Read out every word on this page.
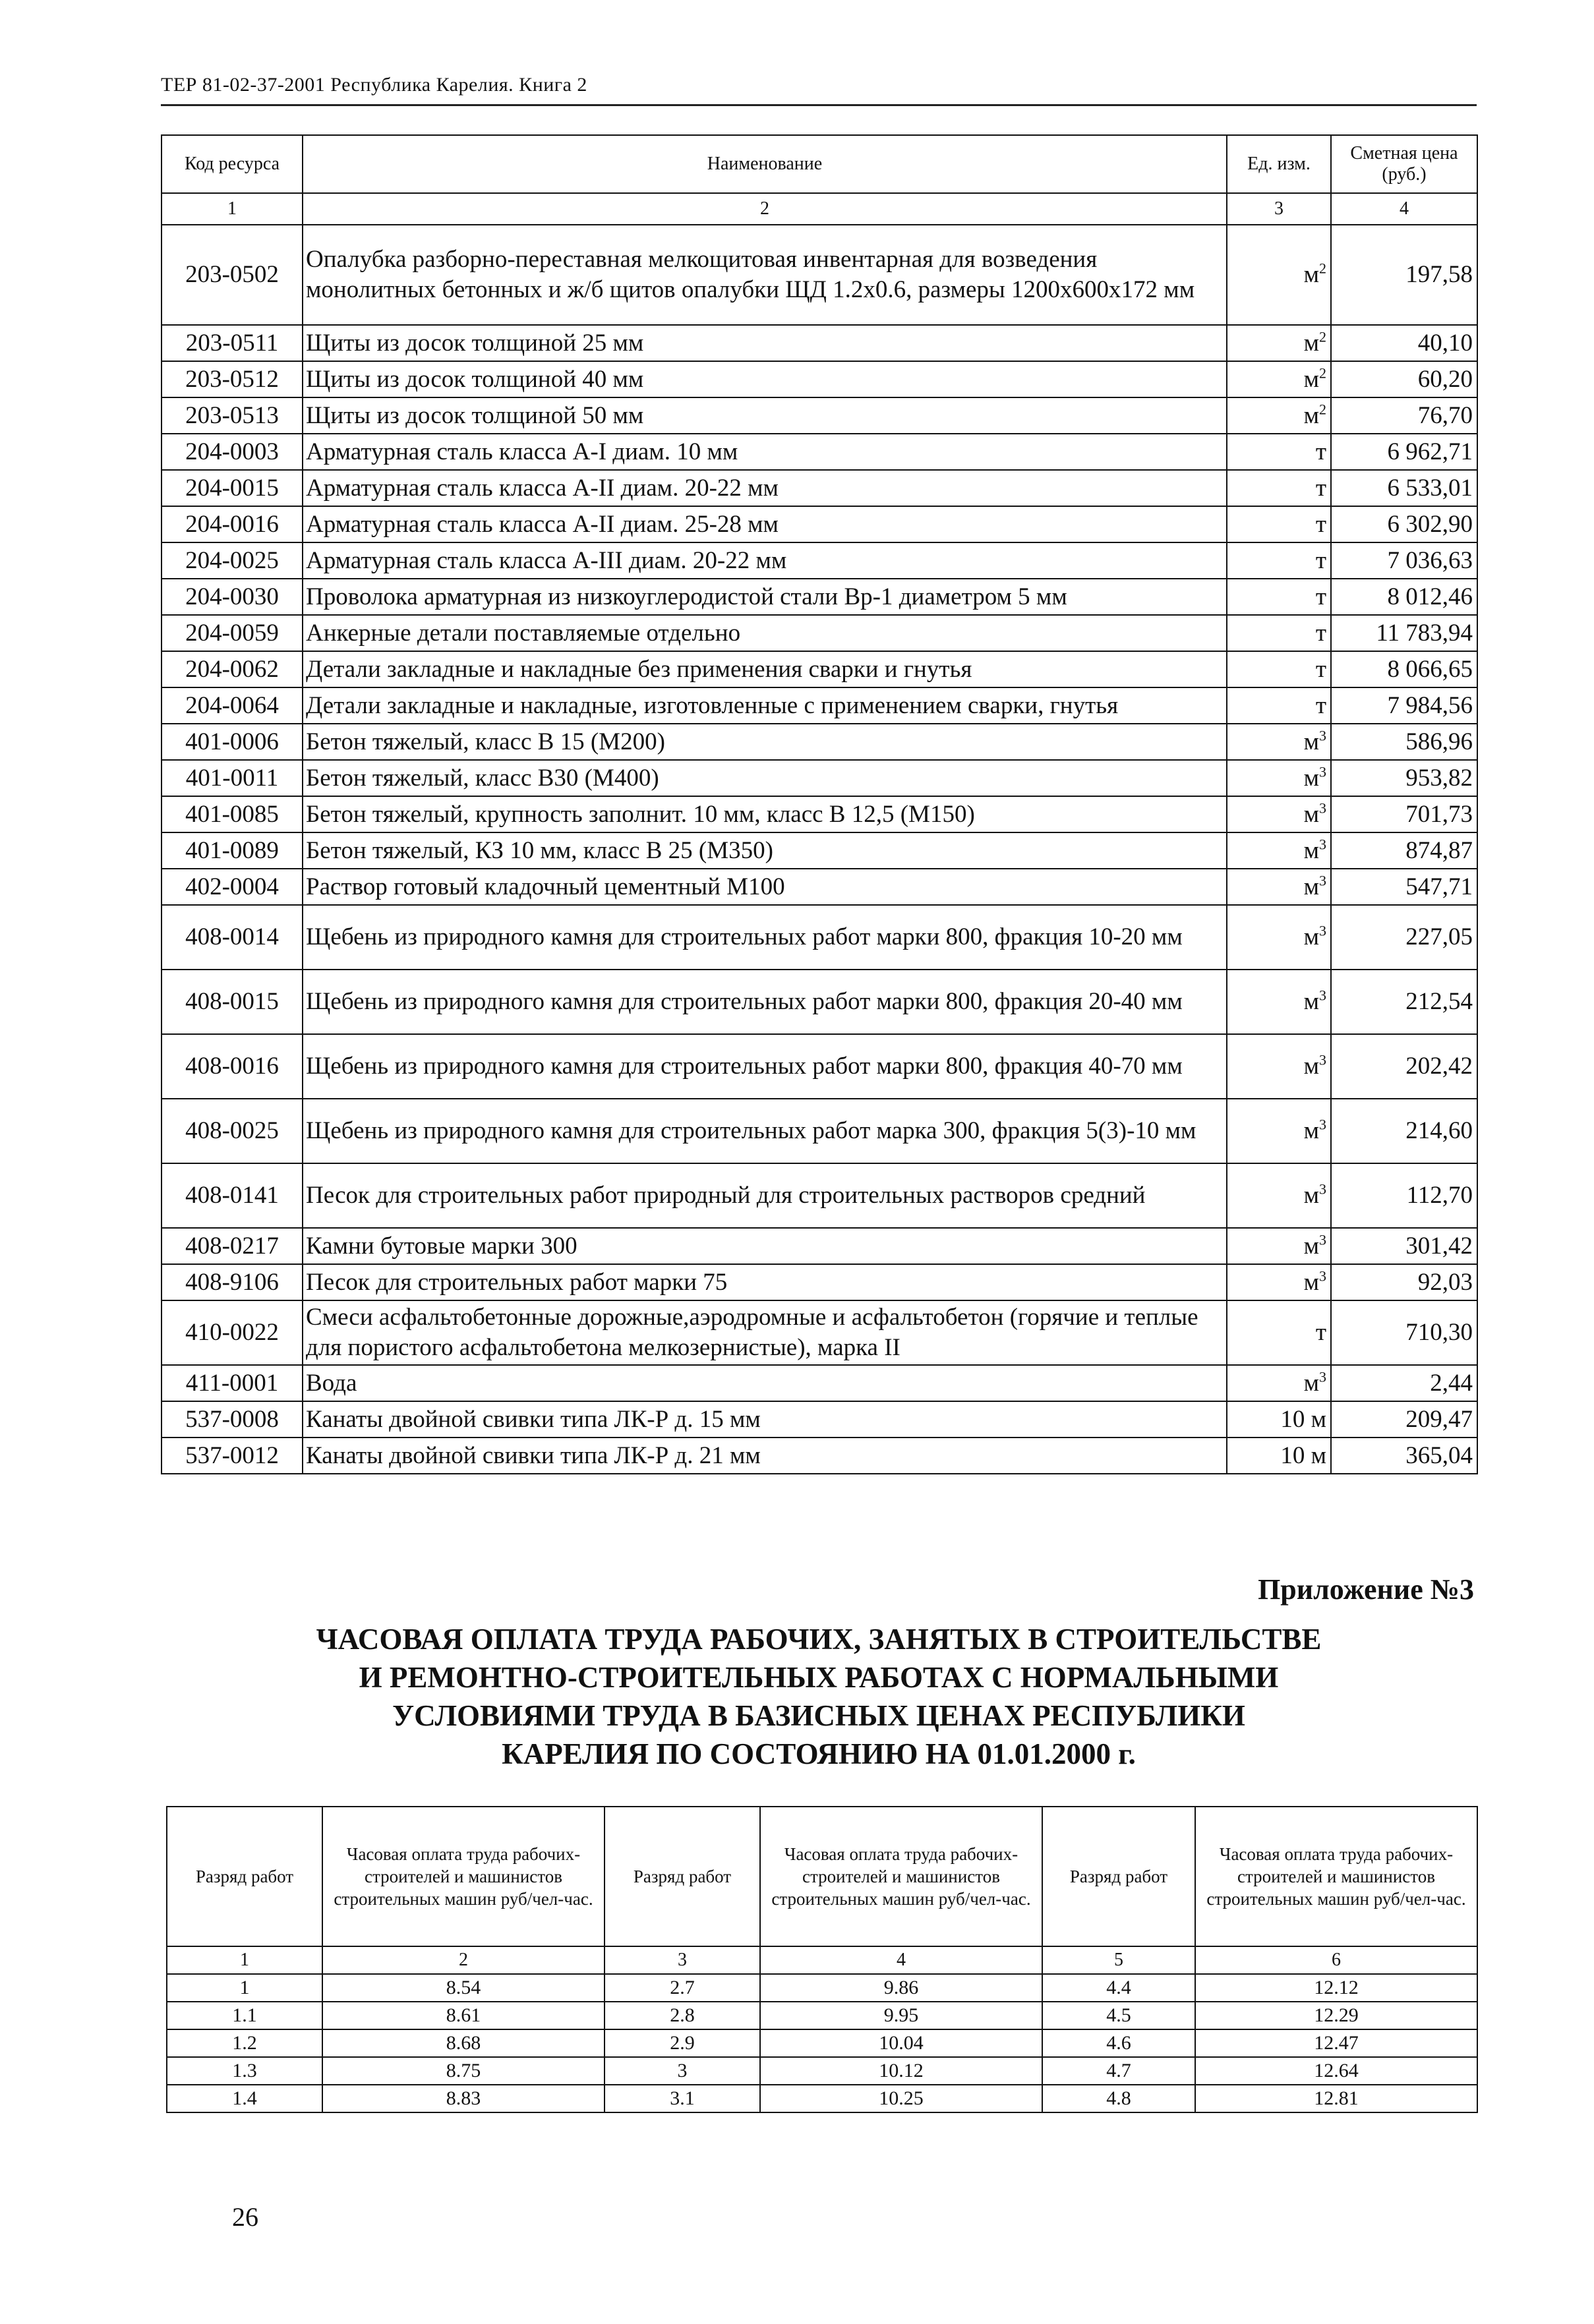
ТЕР 81-02-37-2001 Республика Карелия. Книга 2
Код ресурса	Наименование	Ед. изм.	Сметная цена (руб.)
1	2	3	4
203-0502	Опалубка разборно-переставная мелкощитовая инвентарная для возведения монолитных бетонных и ж/б щитов опалубки ЩД 1.2х0.6, размеры 1200х600х172 мм	$м^2$	197,58
203-0511	Щиты из досок толщиной 25 мм	$м^2$	40,10
203-0512	Щиты из досок толщиной 40 мм	$м^2$	60,20
203-0513	Щиты из досок толщиной 50 мм	$м^2$	76,70
204-0003	Арматурная сталь класса А-I диам. 10 мм	т	6 962,71
204-0015	Арматурная сталь класса А-II диам. 20-22 мм	т	6 533,01
204-0016	Арматурная сталь класса А-II диам. 25-28 мм	т	6 302,90
204-0025	Арматурная сталь класса А-III диам. 20-22 мм	т	7 036,63
204-0030	Проволока арматурная из низкоуглеродистой стали Вр-1 диаметром 5 мм	т	8 012,46
204-0059	Анкерные детали поставляемые отдельно	т	11 783,94
204-0062	Детали закладные и накладные без применения сварки и гнутья	т	8 066,65
204-0064	Детали закладные и накладные, изготовленные с применением сварки, гнутья	т	7 984,56
401-0006	Бетон тяжелый, класс В 15 (М200)	$м^3$	586,96
401-0011	Бетон тяжелый, класс В30 (М400)	$м^3$	953,82
401-0085	Бетон тяжелый, крупность заполнит. 10 мм, класс В 12,5 (М150)	$м^3$	701,73
401-0089	Бетон тяжелый, КЗ 10 мм, класс В 25 (М350)	$м^3$	874,87
402-0004	Раствор готовый кладочный цементный М100	$м^3$	547,71
408-0014	Щебень из природного камня для строительных работ марки 800, фракция 10-20 мм	$м^3$	227,05
408-0015	Щебень из природного камня для строительных работ марки 800, фракция 20-40 мм	$м^3$	212,54
408-0016	Щебень из природного камня для строительных работ марки 800, фракция 40-70 мм	$м^3$	202,42
408-0025	Щебень из природного камня для строительных работ марка 300, фракция 5(3)-10 мм	$м^3$	214,60
408-0141	Песок для строительных работ природный для строительных растворов средний	$м^3$	112,70
408-0217	Камни бутовые марки 300	$м^3$	301,42
408-9106	Песок для строительных работ марки 75	$м^3$	92,03
410-0022	Смеси асфальтобетонные дорожные,аэродромные и асфальтобетон (горячие и теплые для пористого асфальтобетона мелкозернистые), марка II	т	710,30
411-0001	Вода	$м^3$	2,44
537-0008	Канаты двойной свивки типа ЛК-Р д. 15 мм	10 м	209,47
537-0012	Канаты двойной свивки типа ЛК-Р д. 21 мм	10 м	365,04
Приложение №3
ЧАСОВАЯ ОПЛАТА ТРУДА РАБОЧИХ, ЗАНЯТЫХ В СТРОИТЕЛЬСТВЕ
И РЕМОНТНО-СТРОИТЕЛЬНЫХ РАБОТАХ С НОРМАЛЬНЫМИ
УСЛОВИЯМИ ТРУДА В БАЗИСНЫХ ЦЕНАХ РЕСПУБЛИКИ
КАРЕЛИЯ ПО СОСТОЯНИЮ НА 01.01.2000 г.
Разряд работ	Часовая оплата труда рабочих-строителей и машинистов строительных машин руб/чел-час.	Разряд работ	Часовая оплата труда рабочих-строителей и машинистов строительных машин руб/чел-час.	Разряд работ	Часовая оплата труда рабочих-строителей и машинистов строительных машин руб/чел-час.
1	2	3	4	5	6
1	8.54	2.7	9.86	4.4	12.12
1.1	8.61	2.8	9.95	4.5	12.29
1.2	8.68	2.9	10.04	4.6	12.47
1.3	8.75	3	10.12	4.7	12.64
1.4	8.83	3.1	10.25	4.8	12.81
26
